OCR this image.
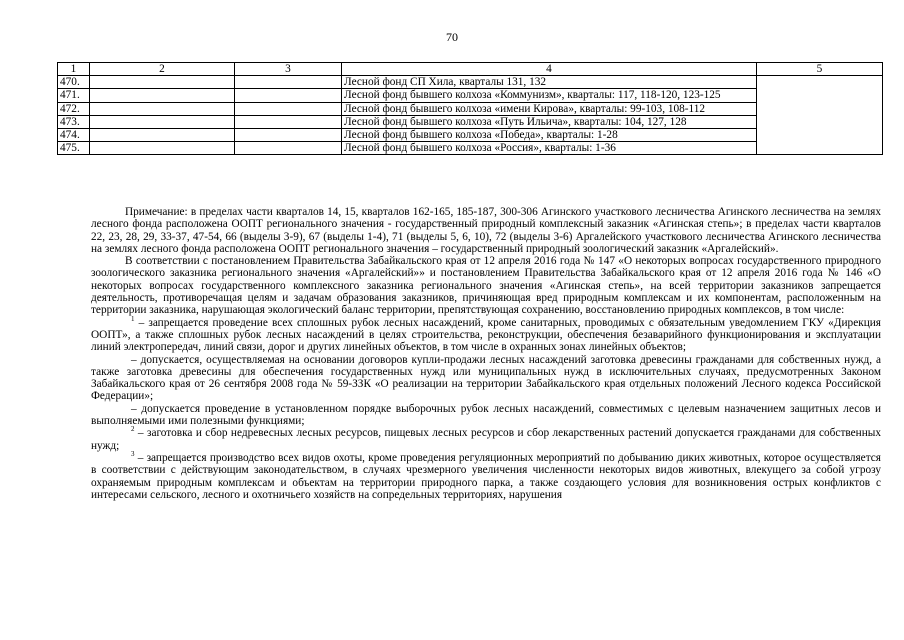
70
1	2	3	4	5
470.			Лесной фонд СП Хила, кварталы 131, 132	
471.			Лесной фонд бывшего колхоза «Коммунизм», кварталы: 117, 118-120, 123-125	
472.			Лесной фонд бывшего колхоза «имени Кирова», кварталы: 99-103, 108-112	
473.			Лесной фонд бывшего колхоза «Путь Ильича», кварталы: 104, 127, 128	
474.			Лесной фонд бывшего колхоза «Победа», кварталы: 1-28	
475.			Лесной фонд бывшего колхоза «Россия», кварталы: 1-36	

Примечание: в пределах части кварталов 14, 15, кварталов 162-165, 185-187, 300-306 Агинского участкового лесничества Агинского лесничества на землях лесного фонда расположена ООПТ регионального значения - государственный природный комплексный заказник «Агинская степь»; в пределах части кварталов 22, 23, 28, 29, 33-37, 47-54, 66 (выделы 3-9), 67 (выделы 1-4), 71 (выделы 5, 6, 10), 72 (выделы 3-6) Аргалейского участкового лесничества Агинского лесничества на землях лесного фонда расположена ООПТ регионального значения – государственный природный зоологический заказник «Аргалейский».

В соответствии с постановлением Правительства Забайкальского края от 12 апреля 2016 года № 147 «О некоторых вопросах государственного природного зоологического заказника регионального значения «Аргалейский»» и постановлением Правительства Забайкальского края от 12 апреля 2016 года № 146 «О некоторых вопросах государственного комплексного заказника регионального значения «Агинская степь», на всей территории заказников запрещается деятельность, противоречащая целям и задачам образования заказников, причиняющая вред природным комплексам и их компонентам, расположенным на территории заказника, нарушающая экологический баланс территории, препятствующая сохранению, восстановлению природных комплексов, в том числе:

$^1$ – запрещается проведение всех сплошных рубок лесных насаждений, кроме санитарных, проводимых с обязательным уведомлением ГКУ «Дирекция ООПТ», а также сплошных рубок лесных насаждений в целях строительства, реконструкции, обеспечения безаварийного функционирования и эксплуатации линий электропередач, линий связи, дорог и других линейных объектов, в том числе в охранных зонах линейных объектов;

– допускается, осуществляемая на основании договоров купли-продажи лесных насаждений заготовка древесины гражданами для собственных нужд, а также заготовка древесины для обеспечения государственных нужд или муниципальных нужд в исключительных случаях, предусмотренных Законом Забайкальского края от 26 сентября 2008 года № 59-ЗЗК «О реализации на территории Забайкальского края отдельных положений Лесного кодекса Российской Федерации»;

– допускается проведение в установленном порядке выборочных рубок лесных насаждений, совместимых с целевым назначением защитных лесов и выполняемыми ими полезными функциями;

$^2$ – заготовка и сбор недревесных лесных ресурсов, пищевых лесных ресурсов и сбор лекарственных растений допускается гражданами для собственных нужд;

$^3$ – запрещается производство всех видов охоты, кроме проведения регуляционных мероприятий по добыванию диких животных, которое осуществляется в соответствии с действующим законодательством, в случаях чрезмерного увеличения численности некоторых видов животных, влекущего за собой угрозу охраняемым природным комплексам и объектам на территории природного парка, а также создающего условия для возникновения острых конфликтов с интересами сельского, лесного и охотничьего хозяйств на сопредельных территориях, нарушения
